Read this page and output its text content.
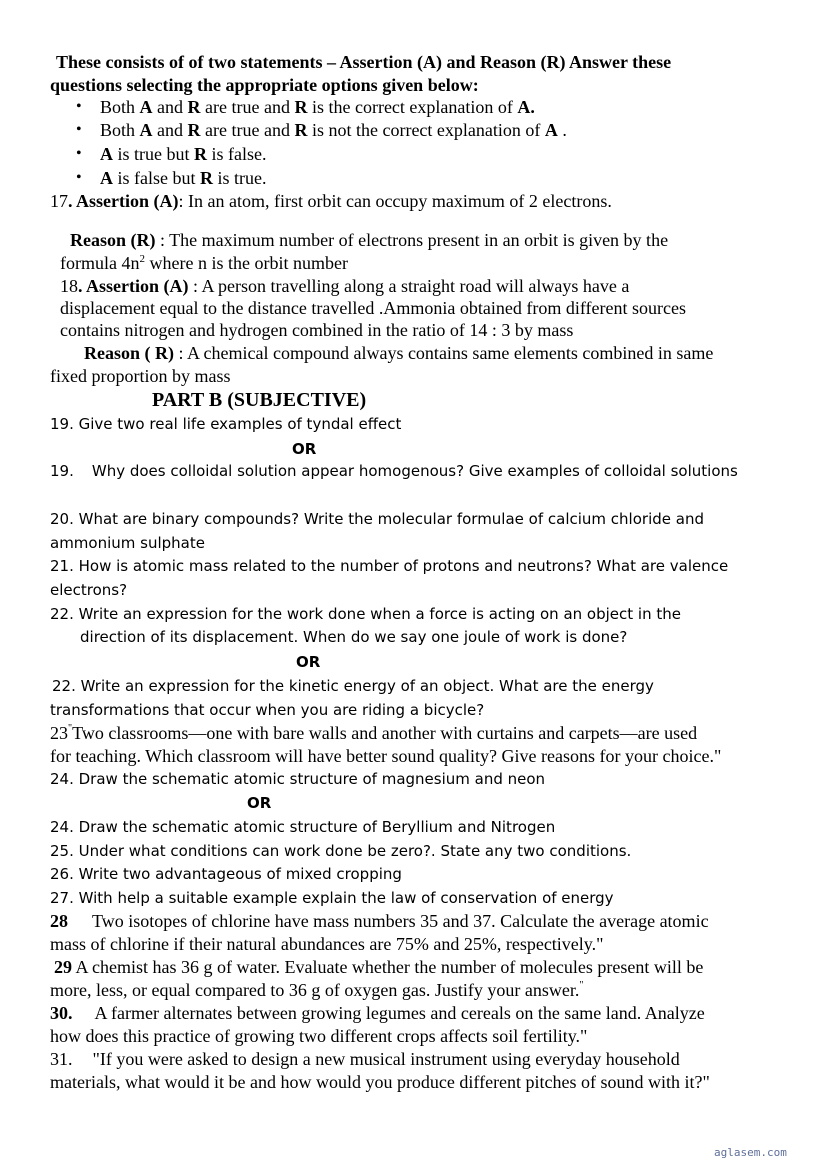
These consists of of two statements – Assertion (A) and Reason (R) Answer these
questions selecting the appropriate options given below:
• Both A and R are true and R is the correct explanation of A.
• Both A and R are true and R is not the correct explanation of A .
• A is true but R is false.
• A is false but R is true.
17. Assertion (A): In an atom, first orbit can occupy maximum of 2 electrons.
Reason (R) : The maximum number of electrons present in an orbit is given by the
formula $4n^2$ where n is the orbit number
18. Assertion (A) : A person travelling along a straight road will always have a
displacement equal to the distance travelled .Ammonia obtained from different sources
contains nitrogen and hydrogen combined in the ratio of 14 : 3 by mass
Reason ( R) : A chemical compound always contains same elements combined in same
fixed proportion by mass
PART B (SUBJECTIVE)
19. Give two real life examples of tyndal effect
OR
19. Why does colloidal solution appear homogenous? Give examples of colloidal solutions
20. What are binary compounds? Write the molecular formulae of calcium chloride and
ammonium sulphate
21. How is atomic mass related to the number of protons and neutrons? What are valence
electrons?
22. Write an expression for the work done when a force is acting on an object in the
direction of its displacement. When do we say one joule of work is done?
OR
22. Write an expression for the kinetic energy of an object. What are the energy
transformations that occur when you are riding a bicycle?
23"Two classrooms—one with bare walls and another with curtains and carpets—are used
for teaching. Which classroom will have better sound quality? Give reasons for your choice."
24. Draw the schematic atomic structure of magnesium and neon
OR
24. Draw the schematic atomic structure of Beryllium and Nitrogen
25. Under what conditions can work done be zero?. State any two conditions.
26. Write two advantageous of mixed cropping
27. With help a suitable example explain the law of conservation of energy
28 Two isotopes of chlorine have mass numbers 35 and 37. Calculate the average atomic
mass of chlorine if their natural abundances are 75% and 25%, respectively."
29 A chemist has 36 g of water. Evaluate whether the number of molecules present will be
more, less, or equal compared to 36 g of oxygen gas. Justify your answer."
30. A farmer alternates between growing legumes and cereals on the same land. Analyze
how does this practice of growing two different crops affects soil fertility."
31. "If you were asked to design a new musical instrument using everyday household
materials, what would it be and how would you produce different pitches of sound with it?"
aglasem.com
